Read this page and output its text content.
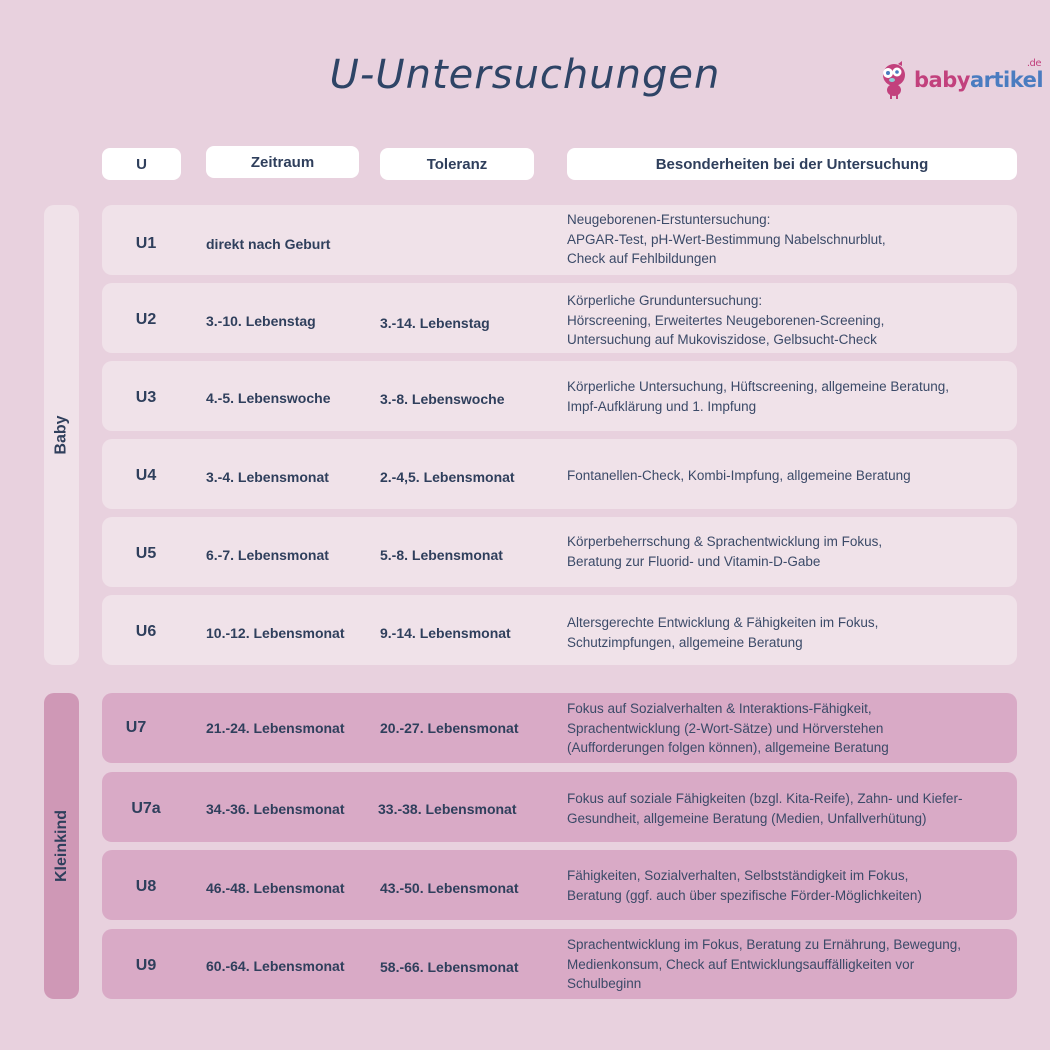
U-Untersuchungen	babyartikel
.de
U	Zeitraum	Toleranz	Besonderheiten bei der Untersuchung
Baby
Kleinkind
U1	direkt nach Geburt
Neugeborenen-Erstuntersuchung:
APGAR-Test, pH-Wert-Bestimmung Nabelschnurblut,
Check auf Fehlbildungen
U2	3.-10. Lebenstag	3.-14. Lebenstag
Körperliche Grunduntersuchung:
Hörscreening, Erweitertes Neugeborenen-Screening,
Untersuchung auf Mukoviszidose, Gelbsucht-Check
U3	4.-5. Lebenswoche	3.-8. Lebenswoche
Körperliche Untersuchung, Hüftscreening, allgemeine Beratung,
Impf-Aufklärung und 1. Impfung
U4	3.-4. Lebensmonat	2.-4,5. Lebensmonat	Fontanellen-Check, Kombi-Impfung, allgemeine Beratung
U5	6.-7. Lebensmonat	5.-8. Lebensmonat
Körperbeherrschung & Sprachentwicklung im Fokus,
Beratung zur Fluorid- und Vitamin-D-Gabe
U6	10.-12. Lebensmonat	9.-14. Lebensmonat
Altersgerechte Entwicklung & Fähigkeiten im Fokus,
Schutzimpfungen, allgemeine Beratung
U7	21.-24. Lebensmonat	20.-27. Lebensmonat
Fokus auf Sozialverhalten & Interaktions-Fähigkeit,
Sprachentwicklung (2-Wort-Sätze) und Hörverstehen
(Aufforderungen folgen können), allgemeine Beratung
U7a	34.-36. Lebensmonat 33.-38. Lebensmonat
Fokus auf soziale Fähigkeiten (bzgl. Kita-Reife), Zahn- und Kiefer-
Gesundheit, allgemeine Beratung (Medien, Unfallverhütung)
U8	46.-48. Lebensmonat	43.-50. Lebensmonat
Fähigkeiten, Sozialverhalten, Selbstständigkeit im Fokus,
Beratung (ggf. auch über spezifische Förder-Möglichkeiten)
U9	60.-64. Lebensmonat	58.-66. Lebensmonat
Sprachentwicklung im Fokus, Beratung zu Ernährung, Bewegung,
Medienkonsum, Check auf Entwicklungsauffälligkeiten vor
Schulbeginn
